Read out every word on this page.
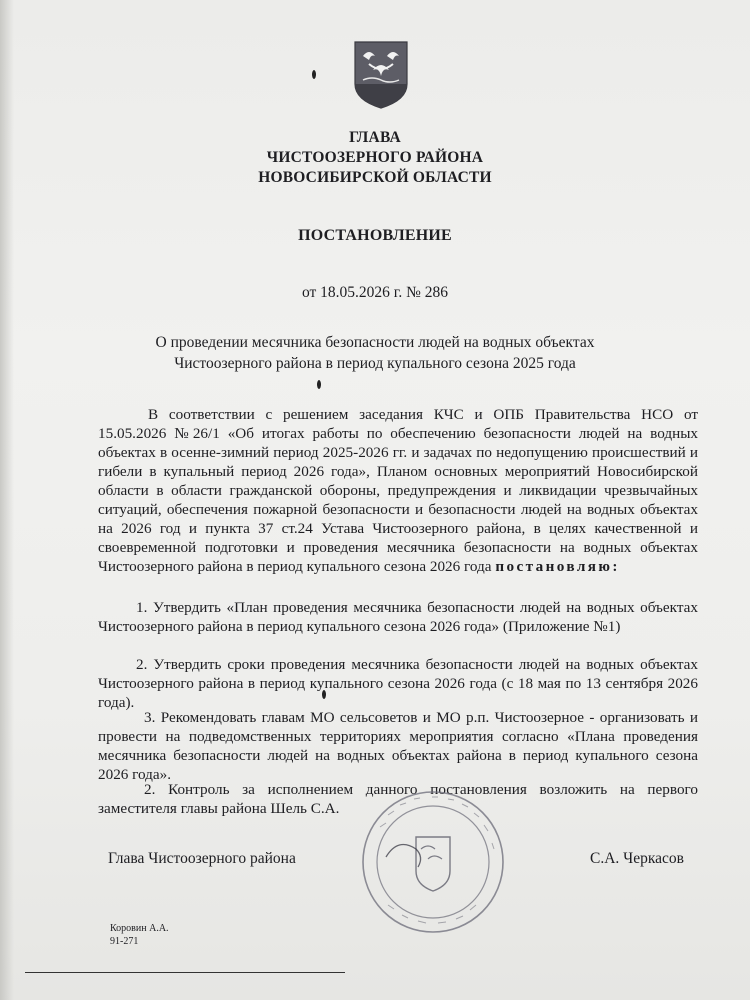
ГЛАВА
ЧИСТООЗЕРНОГО РАЙОНА
НОВОСИБИРСКОЙ ОБЛАСТИ
ПОСТАНОВЛЕНИЕ
от 18.05.2026 г. № 286
О проведении месячника безопасности людей на водных объектах
Чистоозерного района в период купального сезона 2025 года

В соответствии с решением заседания КЧС и ОПБ Правительства НСО от 15.05.2026 №26/1 «Об итогах работы по обеспечению безопасности людей на водных объектах в осенне-зимний период 2025-2026 гг. и задачах по недопущению происшествий и гибели в купальный период 2026 года», Планом основных мероприятий Новосибирской области в области гражданской обороны, предупреждения и ликвидации чрезвычайных ситуаций, обеспечения пожарной безопасности и безопасности людей на водных объектах на 2026 год и пункта 37 ст.24 Устава Чистоозерного района, в целях качественной и своевременной подготовки и проведения месячника безопасности на водных объектах Чистоозерного района в период купального сезона 2026 года постановляю:

1. Утвердить «План проведения месячника безопасности людей на водных объектах Чистоозерного района в период купального сезона 2026 года» (Приложение №1)

2. Утвердить сроки проведения месячника безопасности людей на водных объектах Чистоозерного района в период купального сезона 2026 года (с 18 мая по 13 сентября 2026 года).

3. Рекомендовать главам МО сельсоветов и МО р.п. Чистоозерное - организовать и провести на подведомственных территориях мероприятия согласно «Плана проведения месячника безопасности людей на водных объектах района в период купального сезона 2026 года».

2. Контроль за исполнением данного постановления возложить на первого заместителя главы района Шель С.А.

Глава Чистоозерного района	С.А. Черкасов
Коровин А.А.
91-271
